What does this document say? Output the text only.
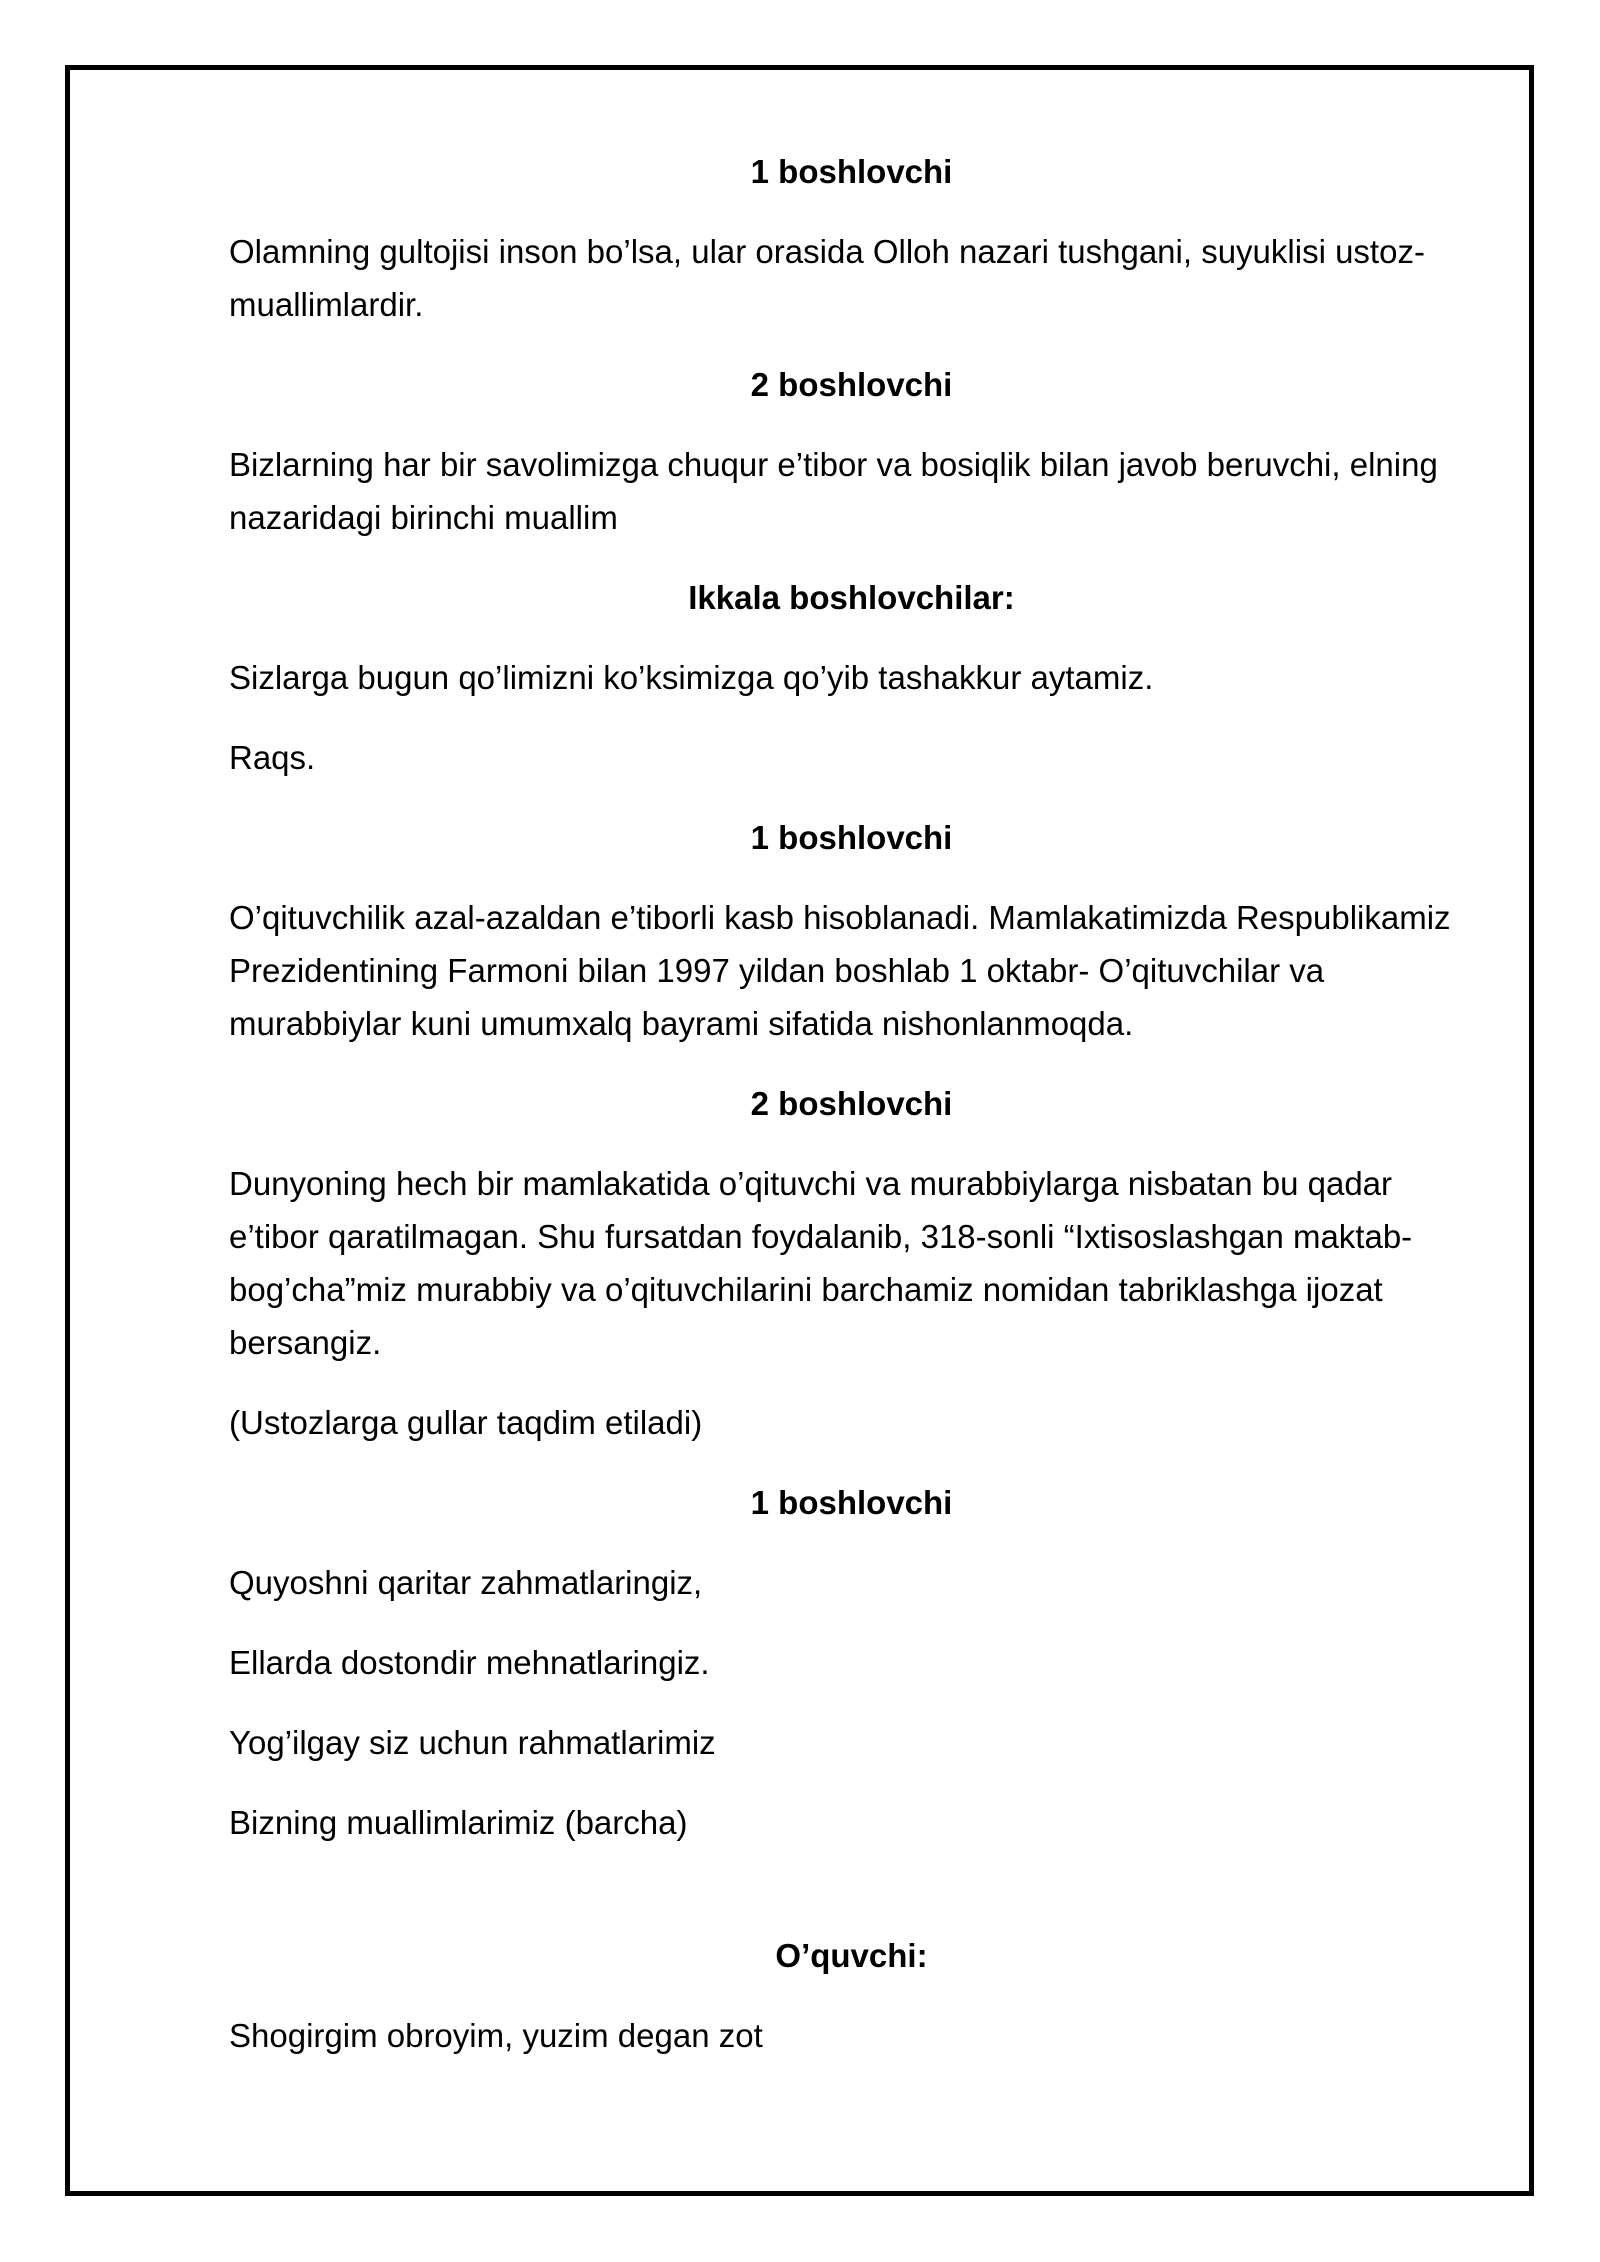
1 boshlovchi
Olamning gultojisi inson bo’lsa, ular orasida Olloh nazari tushgani, suyuklisi ustoz-muallimlardir.
2 boshlovchi
Bizlarning har bir savolimizga chuqur e’tibor va bosiqlik bilan javob beruvchi, elning nazaridagi birinchi muallim
Ikkala boshlovchilar:
Sizlarga bugun qo’limizni ko’ksimizga qo’yib tashakkur aytamiz.
Raqs.
1 boshlovchi
O’qituvchilik azal-azaldan e’tiborli kasb hisoblanadi. Mamlakatimizda Respublikamiz Prezidentining Farmoni bilan 1997 yildan boshlab 1 oktabr- O’qituvchilar va murabbiylar kuni umumxalq bayrami sifatida nishonlanmoqda.
2 boshlovchi
Dunyoning hech bir mamlakatida o’qituvchi va murabbiylarga nisbatan bu qadar e’tibor qaratilmagan. Shu fursatdan foydalanib, 318-sonli “Ixtisoslashgan maktab-bog’cha”miz murabbiy va o’qituvchilarini barchamiz nomidan tabriklashga ijozat bersangiz.
(Ustozlarga gullar taqdim etiladi)
1 boshlovchi
Quyoshni qaritar zahmatlaringiz,
Ellarda dostondir mehnatlaringiz.
Yog’ilgay siz uchun rahmatlarimiz
Bizning muallimlarimiz (barcha)
O’quvchi:
Shogirgim obroyim, yuzim degan zot
